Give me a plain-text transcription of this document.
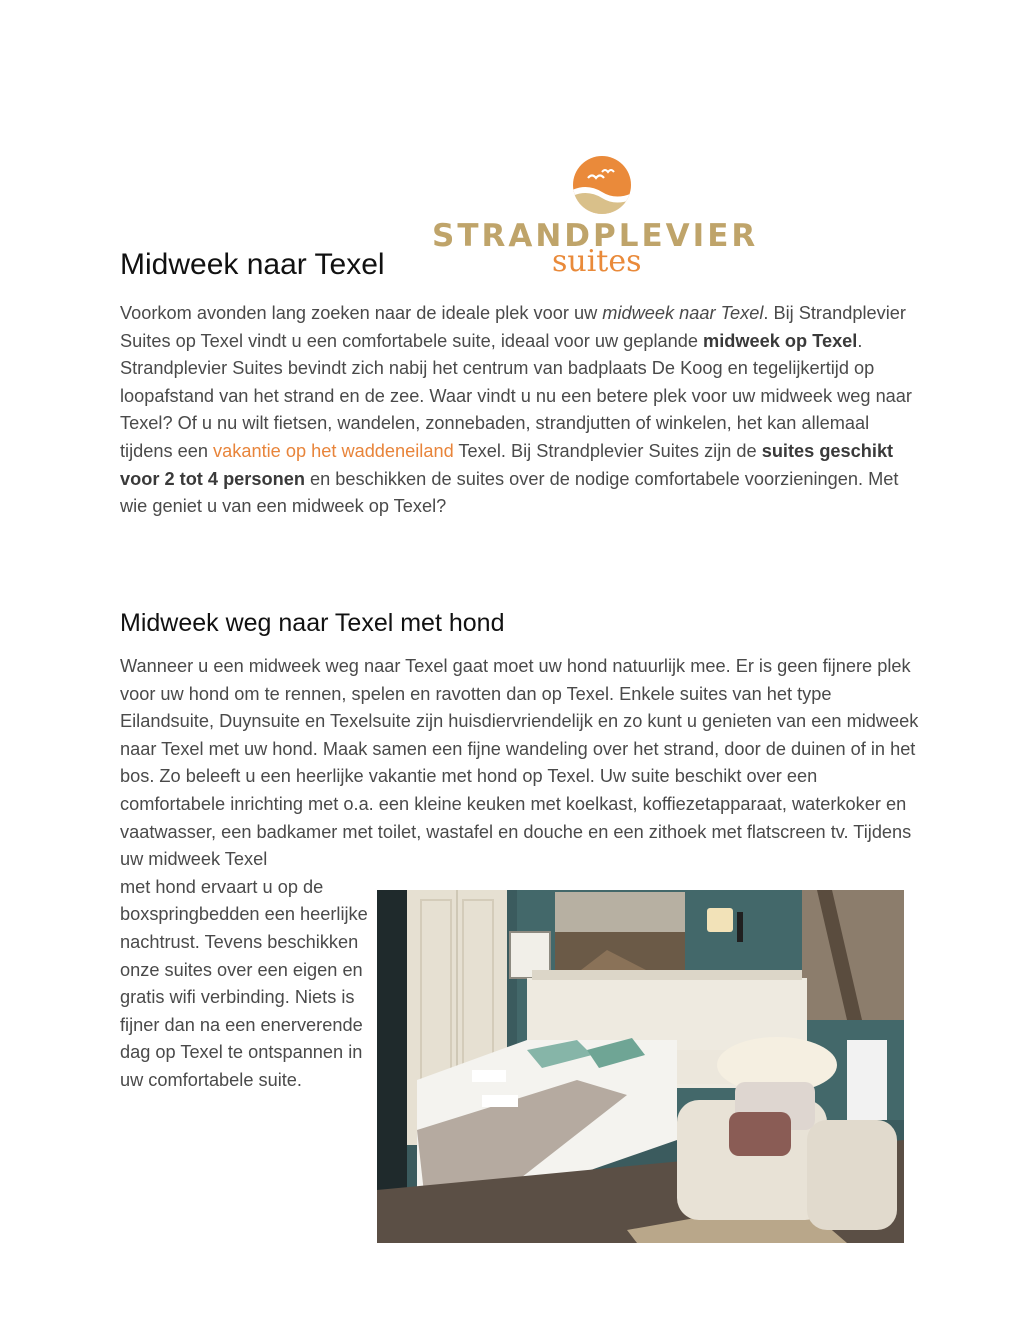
STRANDPLEVIER
suites
Midweek naar Texel

Voorkom avonden lang zoeken naar de ideale plek voor uw midweek naar Texel. Bij Strandplevier Suites op Texel vindt u een comfortabele suite, ideaal voor uw geplande midweek op Texel. Strandplevier Suites bevindt zich nabij het centrum van badplaats De Koog en tegelijkertijd op loopafstand van het strand en de zee. Waar vindt u nu een betere plek voor uw midweek weg naar Texel? Of u nu wilt fietsen, wandelen, zonnebaden, strandjutten of winkelen, het kan allemaal tijdens een vakantie op het waddeneiland Texel. Bij Strandplevier Suites zijn de suites geschikt voor 2 tot 4 personen en beschikken de suites over de nodige comfortabele voorzieningen. Met wie geniet u van een midweek op Texel?

Midweek weg naar Texel met hond

Wanneer u een midweek weg naar Texel gaat moet uw hond natuurlijk mee. Er is geen fijnere plek voor uw hond om te rennen, spelen en ravotten dan op Texel. Enkele suites van het type Eilandsuite, Duynsuite en Texelsuite zijn huisdiervriendelijk en zo kunt u genieten van een midweek naar Texel met uw hond. Maak samen een fijne wandeling over het strand, door de duinen of in het bos. Zo beleeft u een heerlijke vakantie met hond op Texel. Uw suite beschikt over een comfortabele inrichting met o.a. een kleine keuken met koelkast, koffiezetapparaat, waterkoker en vaatwasser, een badkamer met toilet, wastafel en douche en een zithoek met flatscreen tv. Tijdens uw midweek Texel
met hond ervaart u op de boxspringbedden een heerlijke nachtrust. Tevens beschikken onze suites over een eigen en gratis wifi verbinding. Niets is fijner dan na een enerverende dag op Texel te ontspannen in uw comfortabele suite.
